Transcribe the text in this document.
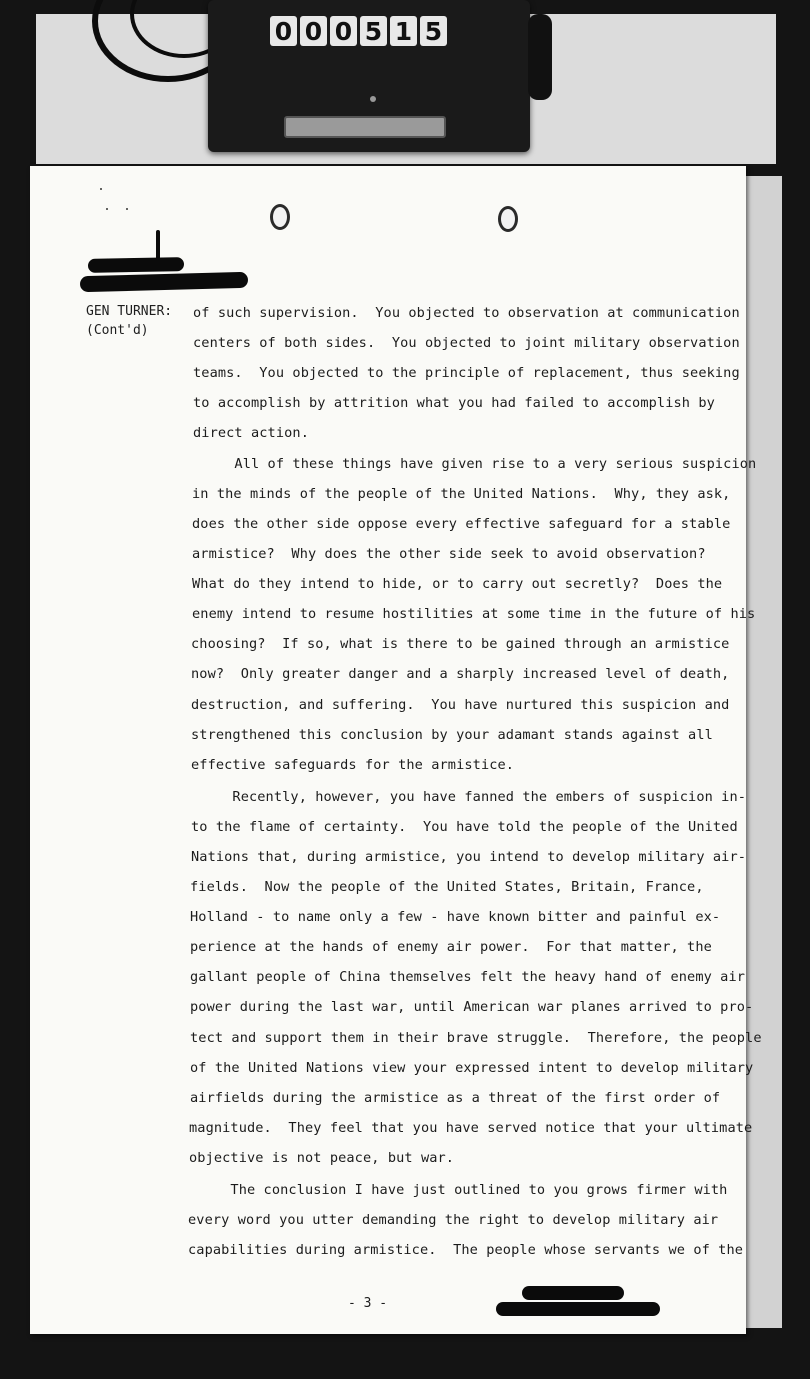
0 0 0 5 1 5
GEN TURNER:
(Cont'd)
of such supervision.  You objected to observation at communication
centers of both sides.  You objected to joint military observation
teams.  You objected to the principle of replacement, thus seeking
to accomplish by attrition what you had failed to accomplish by
direct action.
All of these things have given rise to a very serious suspicion
in the minds of the people of the United Nations.  Why, they ask,
does the other side oppose every effective safeguard for a stable
armistice?  Why does the other side seek to avoid observation?
What do they intend to hide, or to carry out secretly?  Does the
enemy intend to resume hostilities at some time in the future of his
choosing?  If so, what is there to be gained through an armistice
now?  Only greater danger and a sharply increased level of death,
destruction, and suffering.  You have nurtured this suspicion and
strengthened this conclusion by your adamant stands against all
effective safeguards for the armistice.
Recently, however, you have fanned the embers of suspicion in-
to the flame of certainty.  You have told the people of the United
Nations that, during armistice, you intend to develop military air-
fields.  Now the people of the United States, Britain, France,
Holland - to name only a few - have known bitter and painful ex-
perience at the hands of enemy air power.  For that matter, the
gallant people of China themselves felt the heavy hand of enemy air
power during the last war, until American war planes arrived to pro-
tect and support them in their brave struggle.  Therefore, the people
of the United Nations view your expressed intent to develop military
airfields during the armistice as a threat of the first order of
magnitude.  They feel that you have served notice that your ultimate
objective is not peace, but war.
The conclusion I have just outlined to you grows firmer with
every word you utter demanding the right to develop military air
capabilities during armistice.  The people whose servants we of the
- 3 -
